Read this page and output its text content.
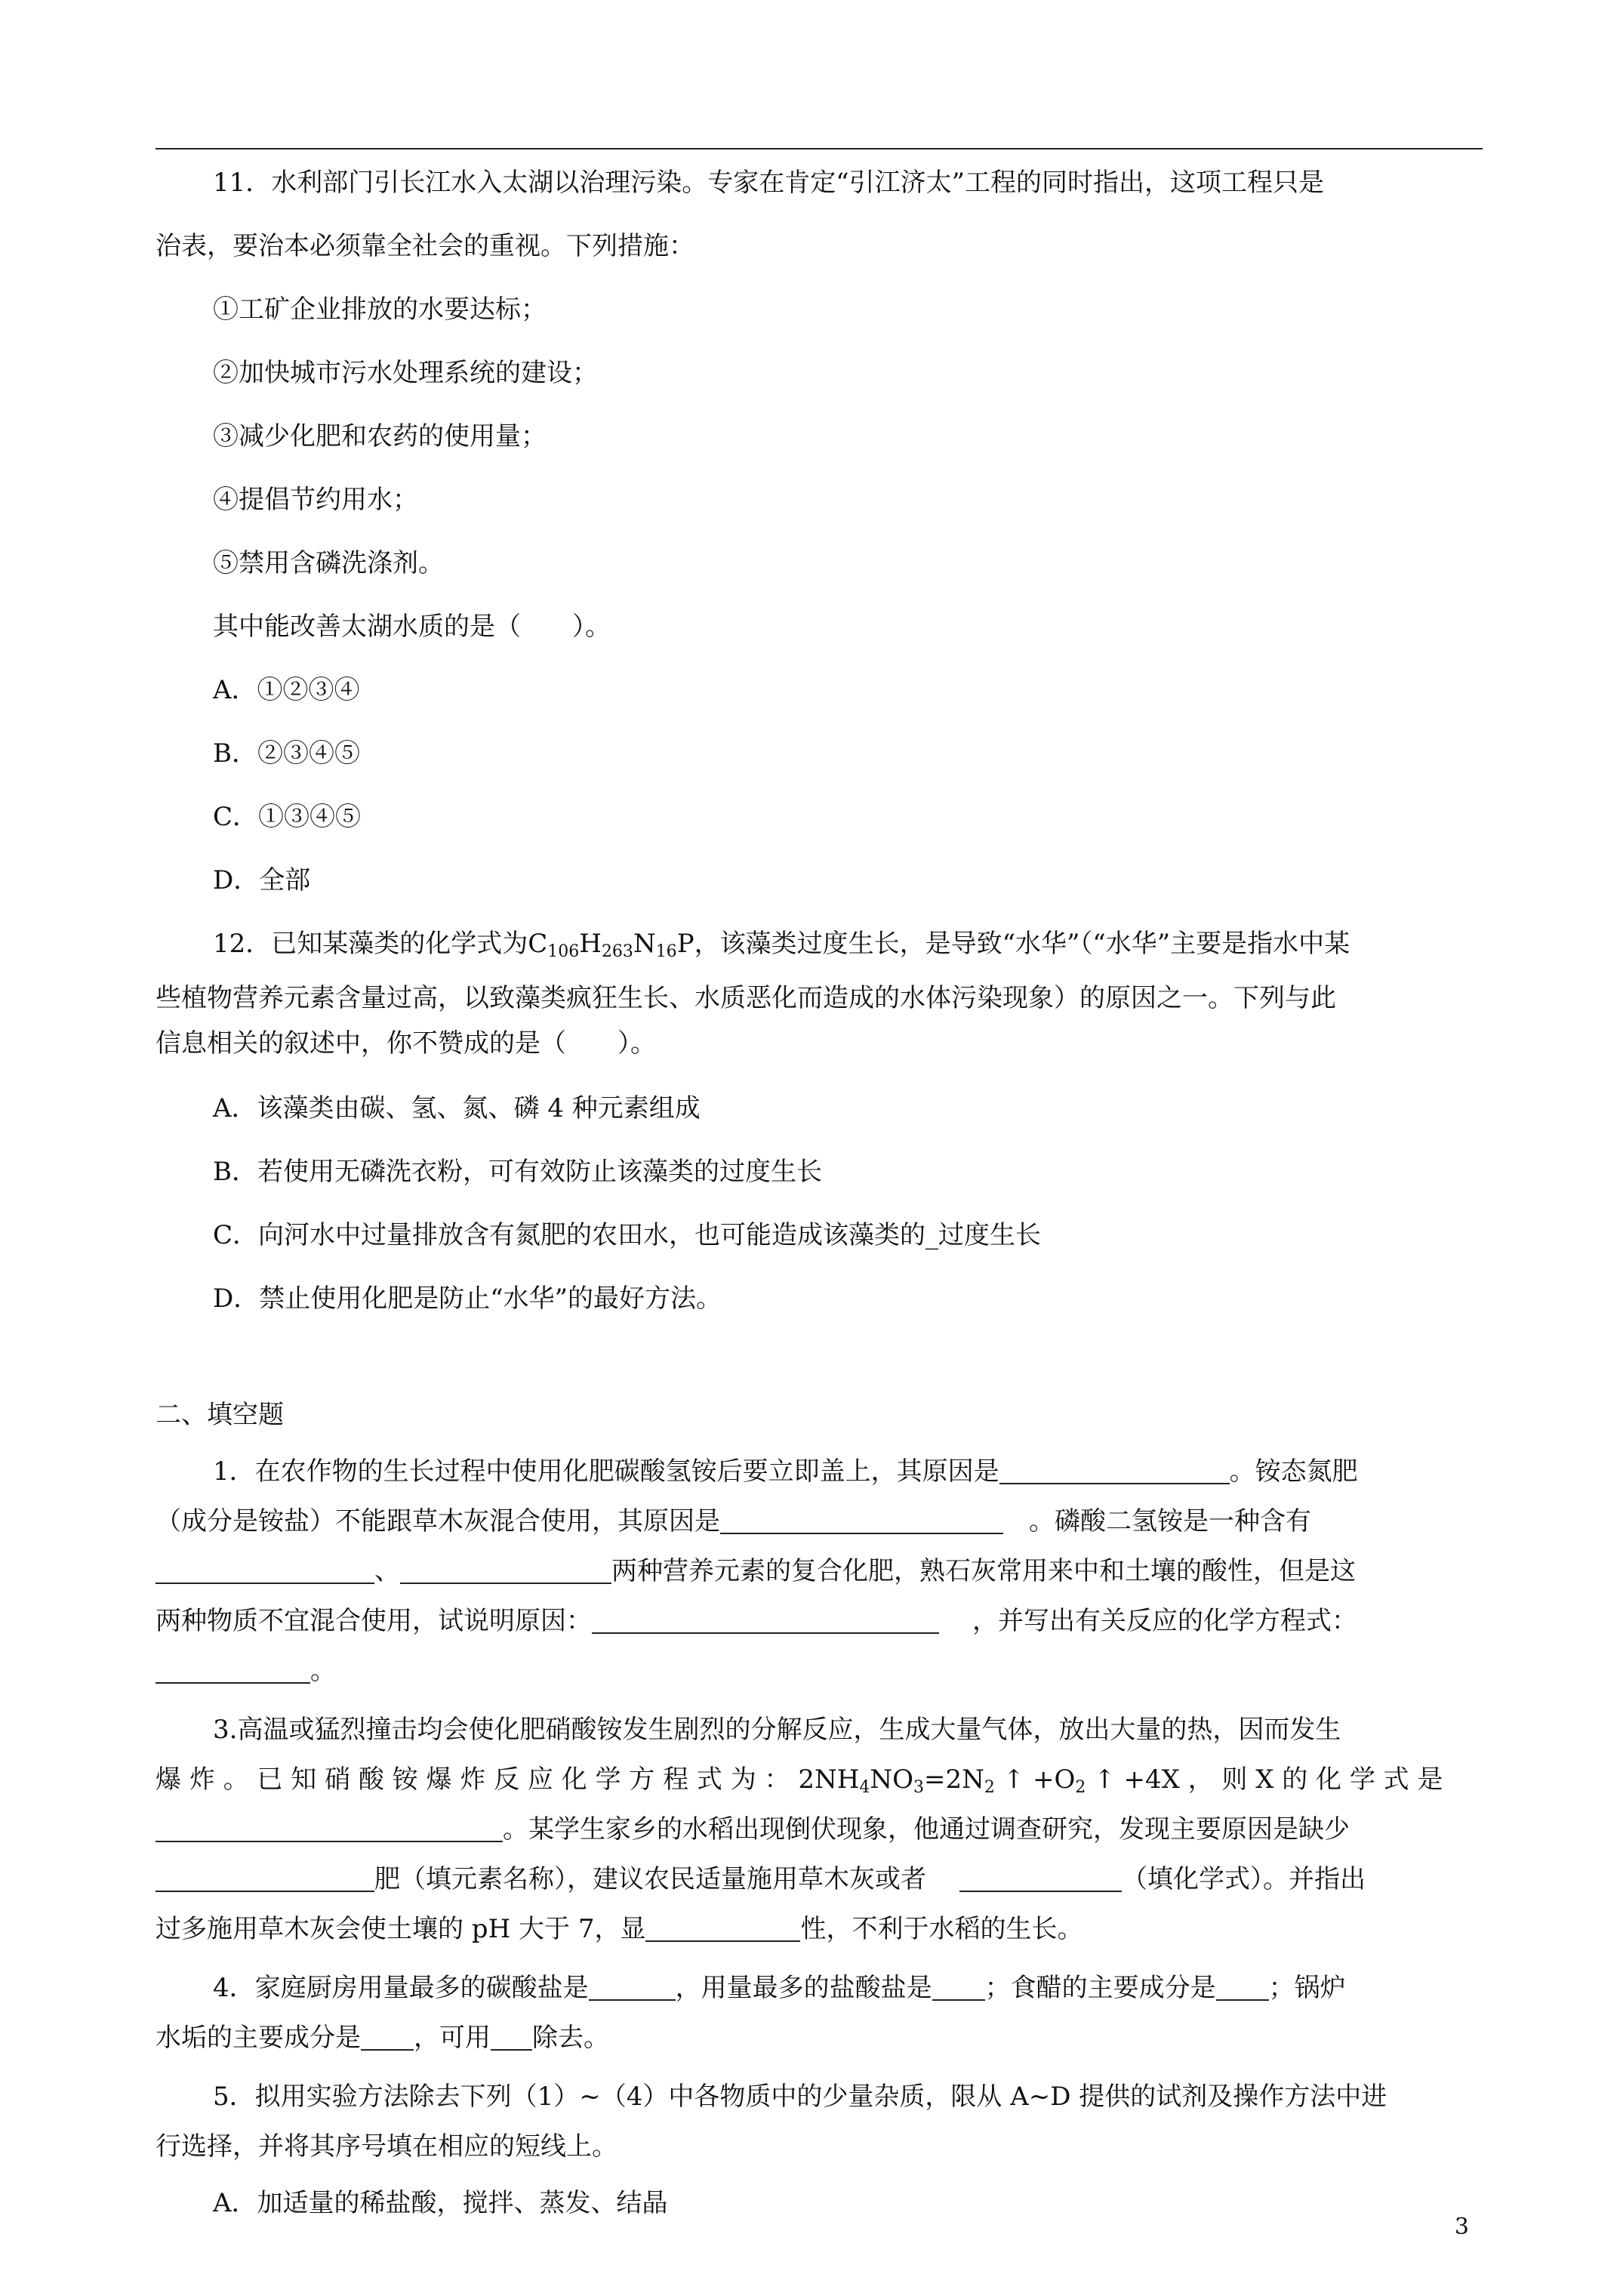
11．水利部门引长江水入太湖以治理污染。专家在肯定“引江济太”工程的同时指出，这项工程只是

治表，要治本必须靠全社会的重视。下列措施：

①工矿企业排放的水要达标；

②加快城市污水处理系统的建设；

③减少化肥和农药的使用量；

④提倡节约用水；

⑤禁用含磷洗涤剂。

其中能改善太湖水质的是（　　）。

A．①②③④

B．②③④⑤

C．①③④⑤

D．全部

12．已知某藻类的化学式为$C_{106}H_{263}N_{16}P$，该藻类过度生长，是导致“水华”（“水华”主要是指水中某

些植物营养元素含量过高，以致藻类疯狂生长、水质恶化而造成的水体污染现象）的原因之一。下列与此

信息相关的叙述中，你不赞成的是（　　）。

A．该藻类由碳、氢、氮、磷 4 种元素组成

B．若使用无磷洗衣粉，可有效防止该藻类的过度生长

C．向河水中过量排放含有氮肥的农田水，也可能造成该藻类的_过度生长

D．禁止使用化肥是防止“水华”的最好方法。

二、填空题

1．在农作物的生长过程中使用化肥碳酸氢铵后要立即盖上，其原因是	。铵态氮肥

（成分是铵盐）不能跟草木灰混合使用，其原因是	　。磷酸二氢铵是一种含有

、	两种营养元素的复合化肥，熟石灰常用来中和土壤的酸性，但是这

两种物质不宜混合使用，试说明原因：	，并写出有关反应的化学方程式：

。

3.高温或猛烈撞击均会使化肥硝酸铵发生剧烈的分解反应，生成大量气体，放出大量的热，因而发生

爆 炸 。 已 知 硝 酸 铵 爆 炸 反 应 化 学 方 程 式 为 ： $2NH_4NO_3=2N_2$ ↑ $+O_2$ ↑ +4X ， 则 X 的 化 学 式 是

。某学生家乡的水稻出现倒伏现象，他通过调查研究，发现主要原因是缺少

肥（填元素名称），建议农民适量施用草木灰或者	（填化学式）。并指出

过多施用草木灰会使土壤的 pH 大于 7，显	性，不利于水稻的生长。

4．家庭厨房用量最多的碳酸盐是	，用量最多的盐酸盐是 ；食醋的主要成分是 ；锅炉

水垢的主要成分是 ，可用 除去。

5．拟用实验方法除去下列（1）~（4）中各物质中的少量杂质，限从 A~D 提供的试剂及操作方法中进

行选择，并将其序号填在相应的短线上。

A．加适量的稀盐酸，搅拌、蒸发、结晶

3
